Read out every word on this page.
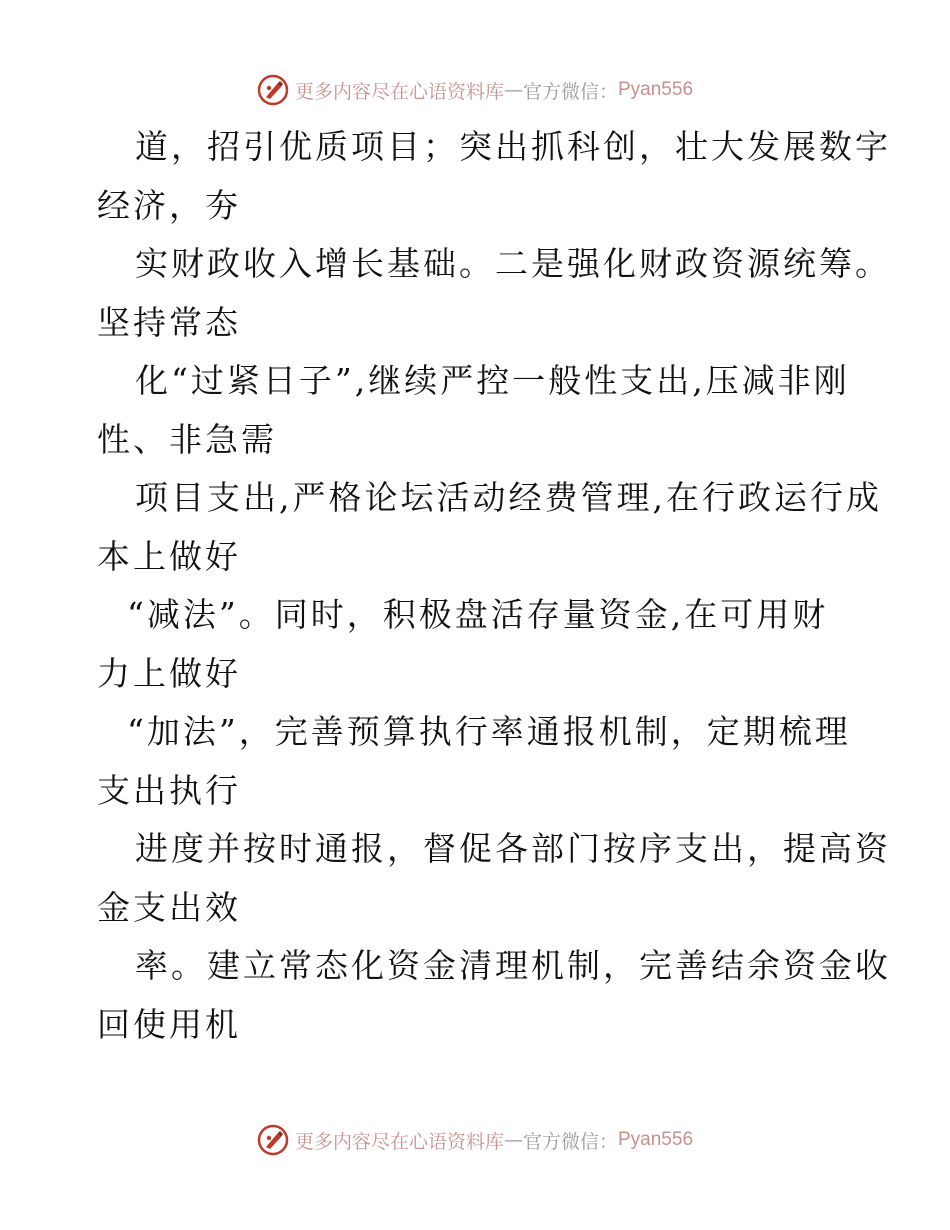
更多内容尽在心语资料库 — 官方微信： Pyan556
道，招引优质项目；突出抓科创，壮大发展数字
经济，夯
实财政收入增长基础。二是强化财政资源统筹。
坚持常态
化“过紧日子”,继续严控一般性支出,压减非刚
性、非急需
项目支出,严格论坛活动经费管理,在行政运行成
本上做好
“减法”。同时，积极盘活存量资金,在可用财
力上做好
“加法”，完善预算执行率通报机制，定期梳理
支出执行
进度并按时通报，督促各部门按序支出，提高资
金支出效
率。建立常态化资金清理机制，完善结余资金收
回使用机
更多内容尽在心语资料库 — 官方微信： Pyan556
